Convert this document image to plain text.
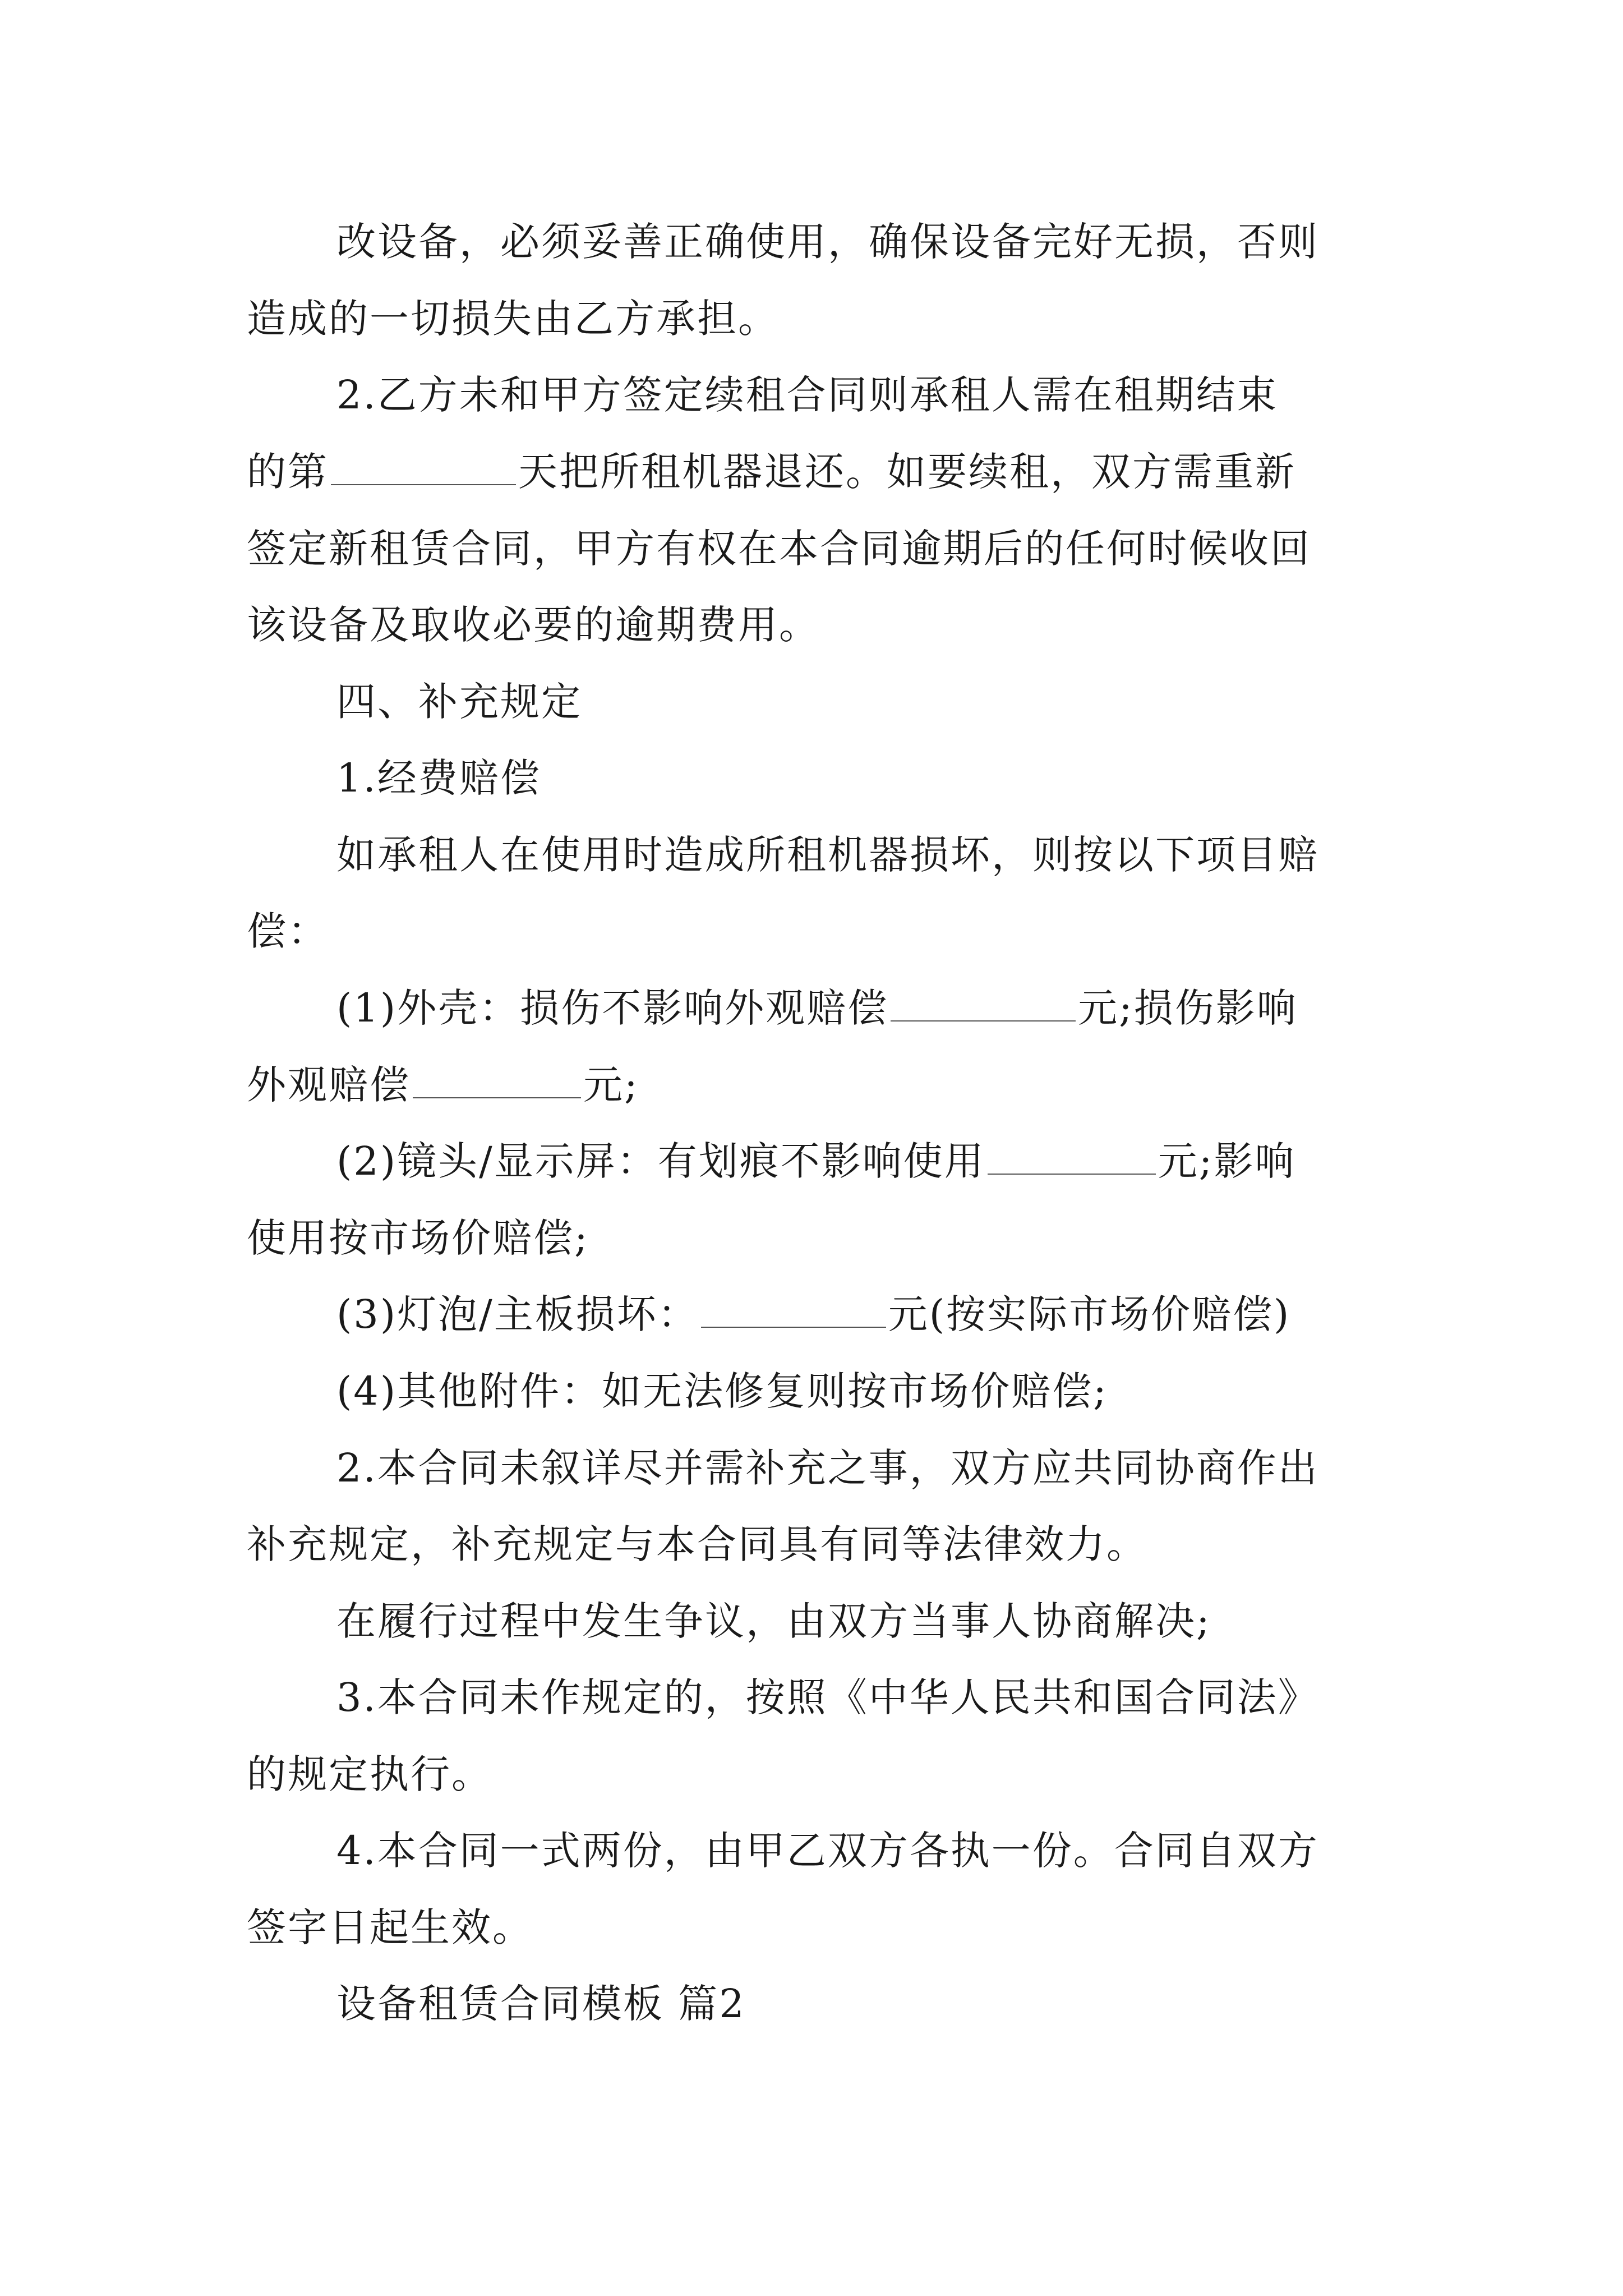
改设备，必须妥善正确使用，确保设备完好无损，否则
造成的一切损失由乙方承担。
2.乙方未和甲方签定续租合同则承租人需在租期结束
的第	天把所租机器退还。如要续租，双方需重新
签定新租赁合同，甲方有权在本合同逾期后的任何时候收回
该设备及取收必要的逾期费用。
四、补充规定
1.经费赔偿
如承租人在使用时造成所租机器损坏，则按以下项目赔
偿：
(1)外壳：损伤不影响外观赔偿	元;损伤影响
外观赔偿	元;
(2)镜头/显示屏：有划痕不影响使用	元;影响
使用按市场价赔偿;
(3)灯泡/主板损坏：	元(按实际市场价赔偿)
(4)其他附件：如无法修复则按市场价赔偿;
2.本合同未叙详尽并需补充之事，双方应共同协商作出
补充规定，补充规定与本合同具有同等法律效力。
在履行过程中发生争议，由双方当事人协商解决;
3.本合同未作规定的，按照《中华人民共和国合同法》
的规定执行。
4.本合同一式两份，由甲乙双方各执一份。合同自双方
签字日起生效。
设备租赁合同模板 篇2
